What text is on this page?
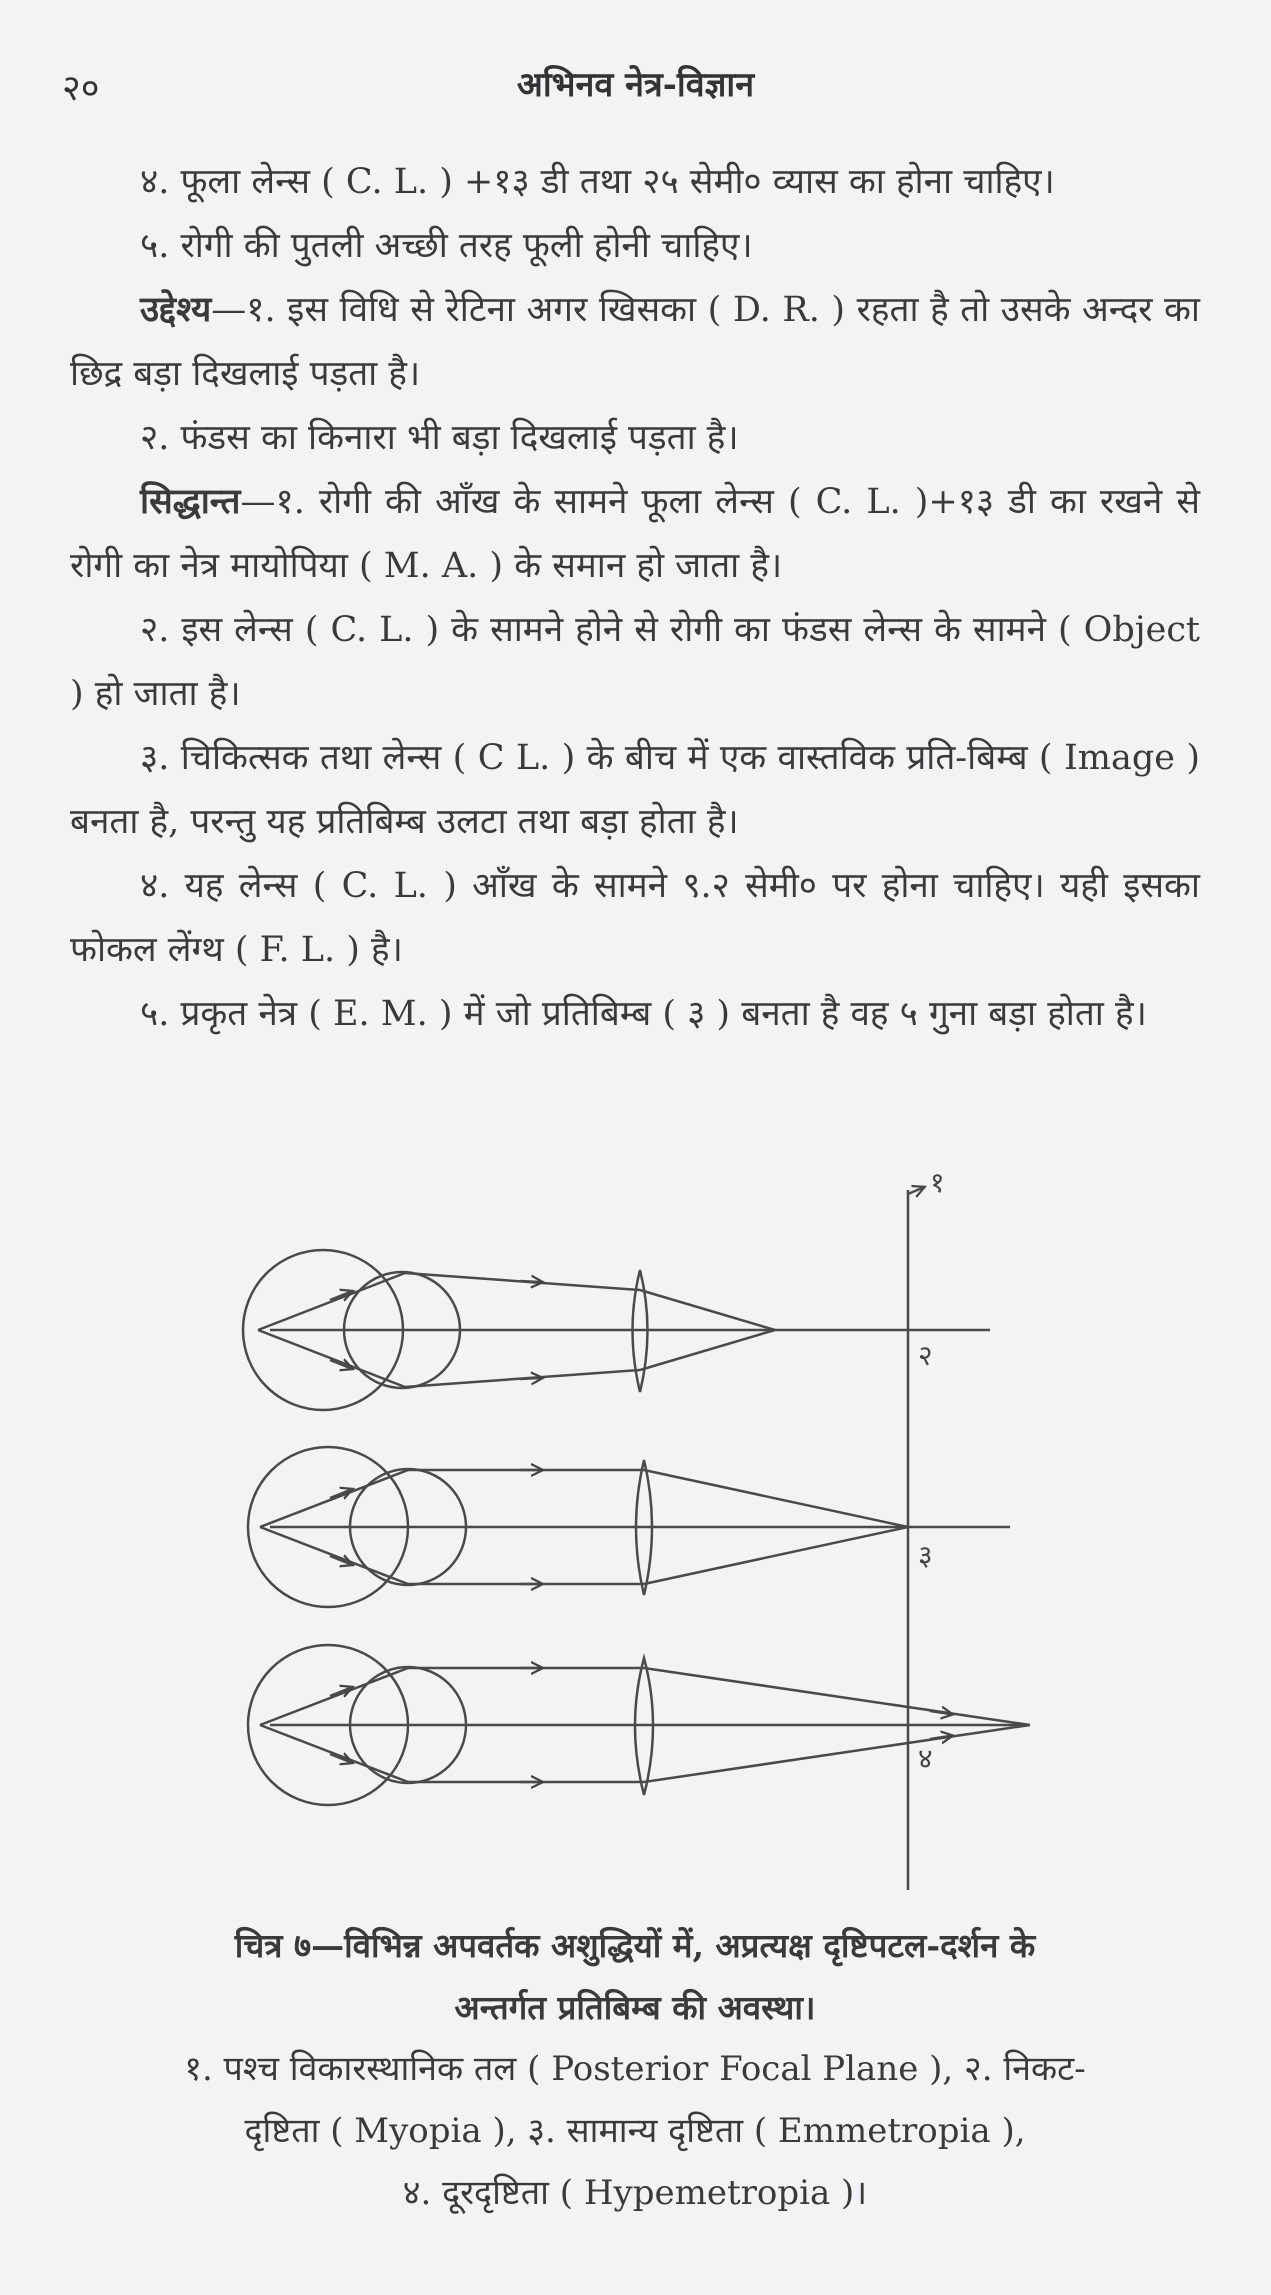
२०	अभिनव नेत्र-विज्ञान

४. फूला लेन्स ( C. L. ) +१३ डी तथा २५ सेमी० व्यास का होना चाहिए।

५. रोगी की पुतली अच्छी तरह फूली होनी चाहिए।

उद्देश्य—१. इस विधि से रेटिना अगर खिसका ( D. R. ) रहता है तो उसके अन्दर का छिद्र बड़ा दिखलाई पड़ता है।

२. फंडस का किनारा भी बड़ा दिखलाई पड़ता है।

सिद्धान्त—१. रोगी की आँख के सामने फूला लेन्स ( C. L. )+१३ डी का रखने से रोगी का नेत्र मायोपिया ( M. A. ) के समान हो जाता है।

२. इस लेन्स ( C. L. ) के सामने होने से रोगी का फंडस लेन्स के सामने ( Object ) हो जाता है।

३. चिकित्सक तथा लेन्स ( C L. ) के बीच में एक वास्तविक प्रति-बिम्ब ( Image ) बनता है, परन्तु यह प्रतिबिम्ब उलटा तथा बड़ा होता है।

४. यह लेन्स ( C. L. ) आँख के सामने ९.२ सेमी० पर होना चाहिए। यही इसका फोकल लेंग्थ ( F. L. ) है।

५. प्रकृत नेत्र ( E. M. ) में जो प्रतिबिम्ब ( ३ ) बनता है वह ५ गुना बड़ा होता है।

१
२
३
४
चित्र ७—विभिन्न अपवर्तक अशुद्धियों में, अप्रत्यक्ष दृष्टिपटल-दर्शन के
अन्तर्गत प्रतिबिम्ब की अवस्था।
१. पश्च विकारस्थानिक तल ( Posterior Focal Plane ), २. निकट-
दृष्टिता ( Myopia ), ३. सामान्य दृष्टिता ( Emmetropia ),
४. दूरदृष्टिता ( Hypemetropia )।
